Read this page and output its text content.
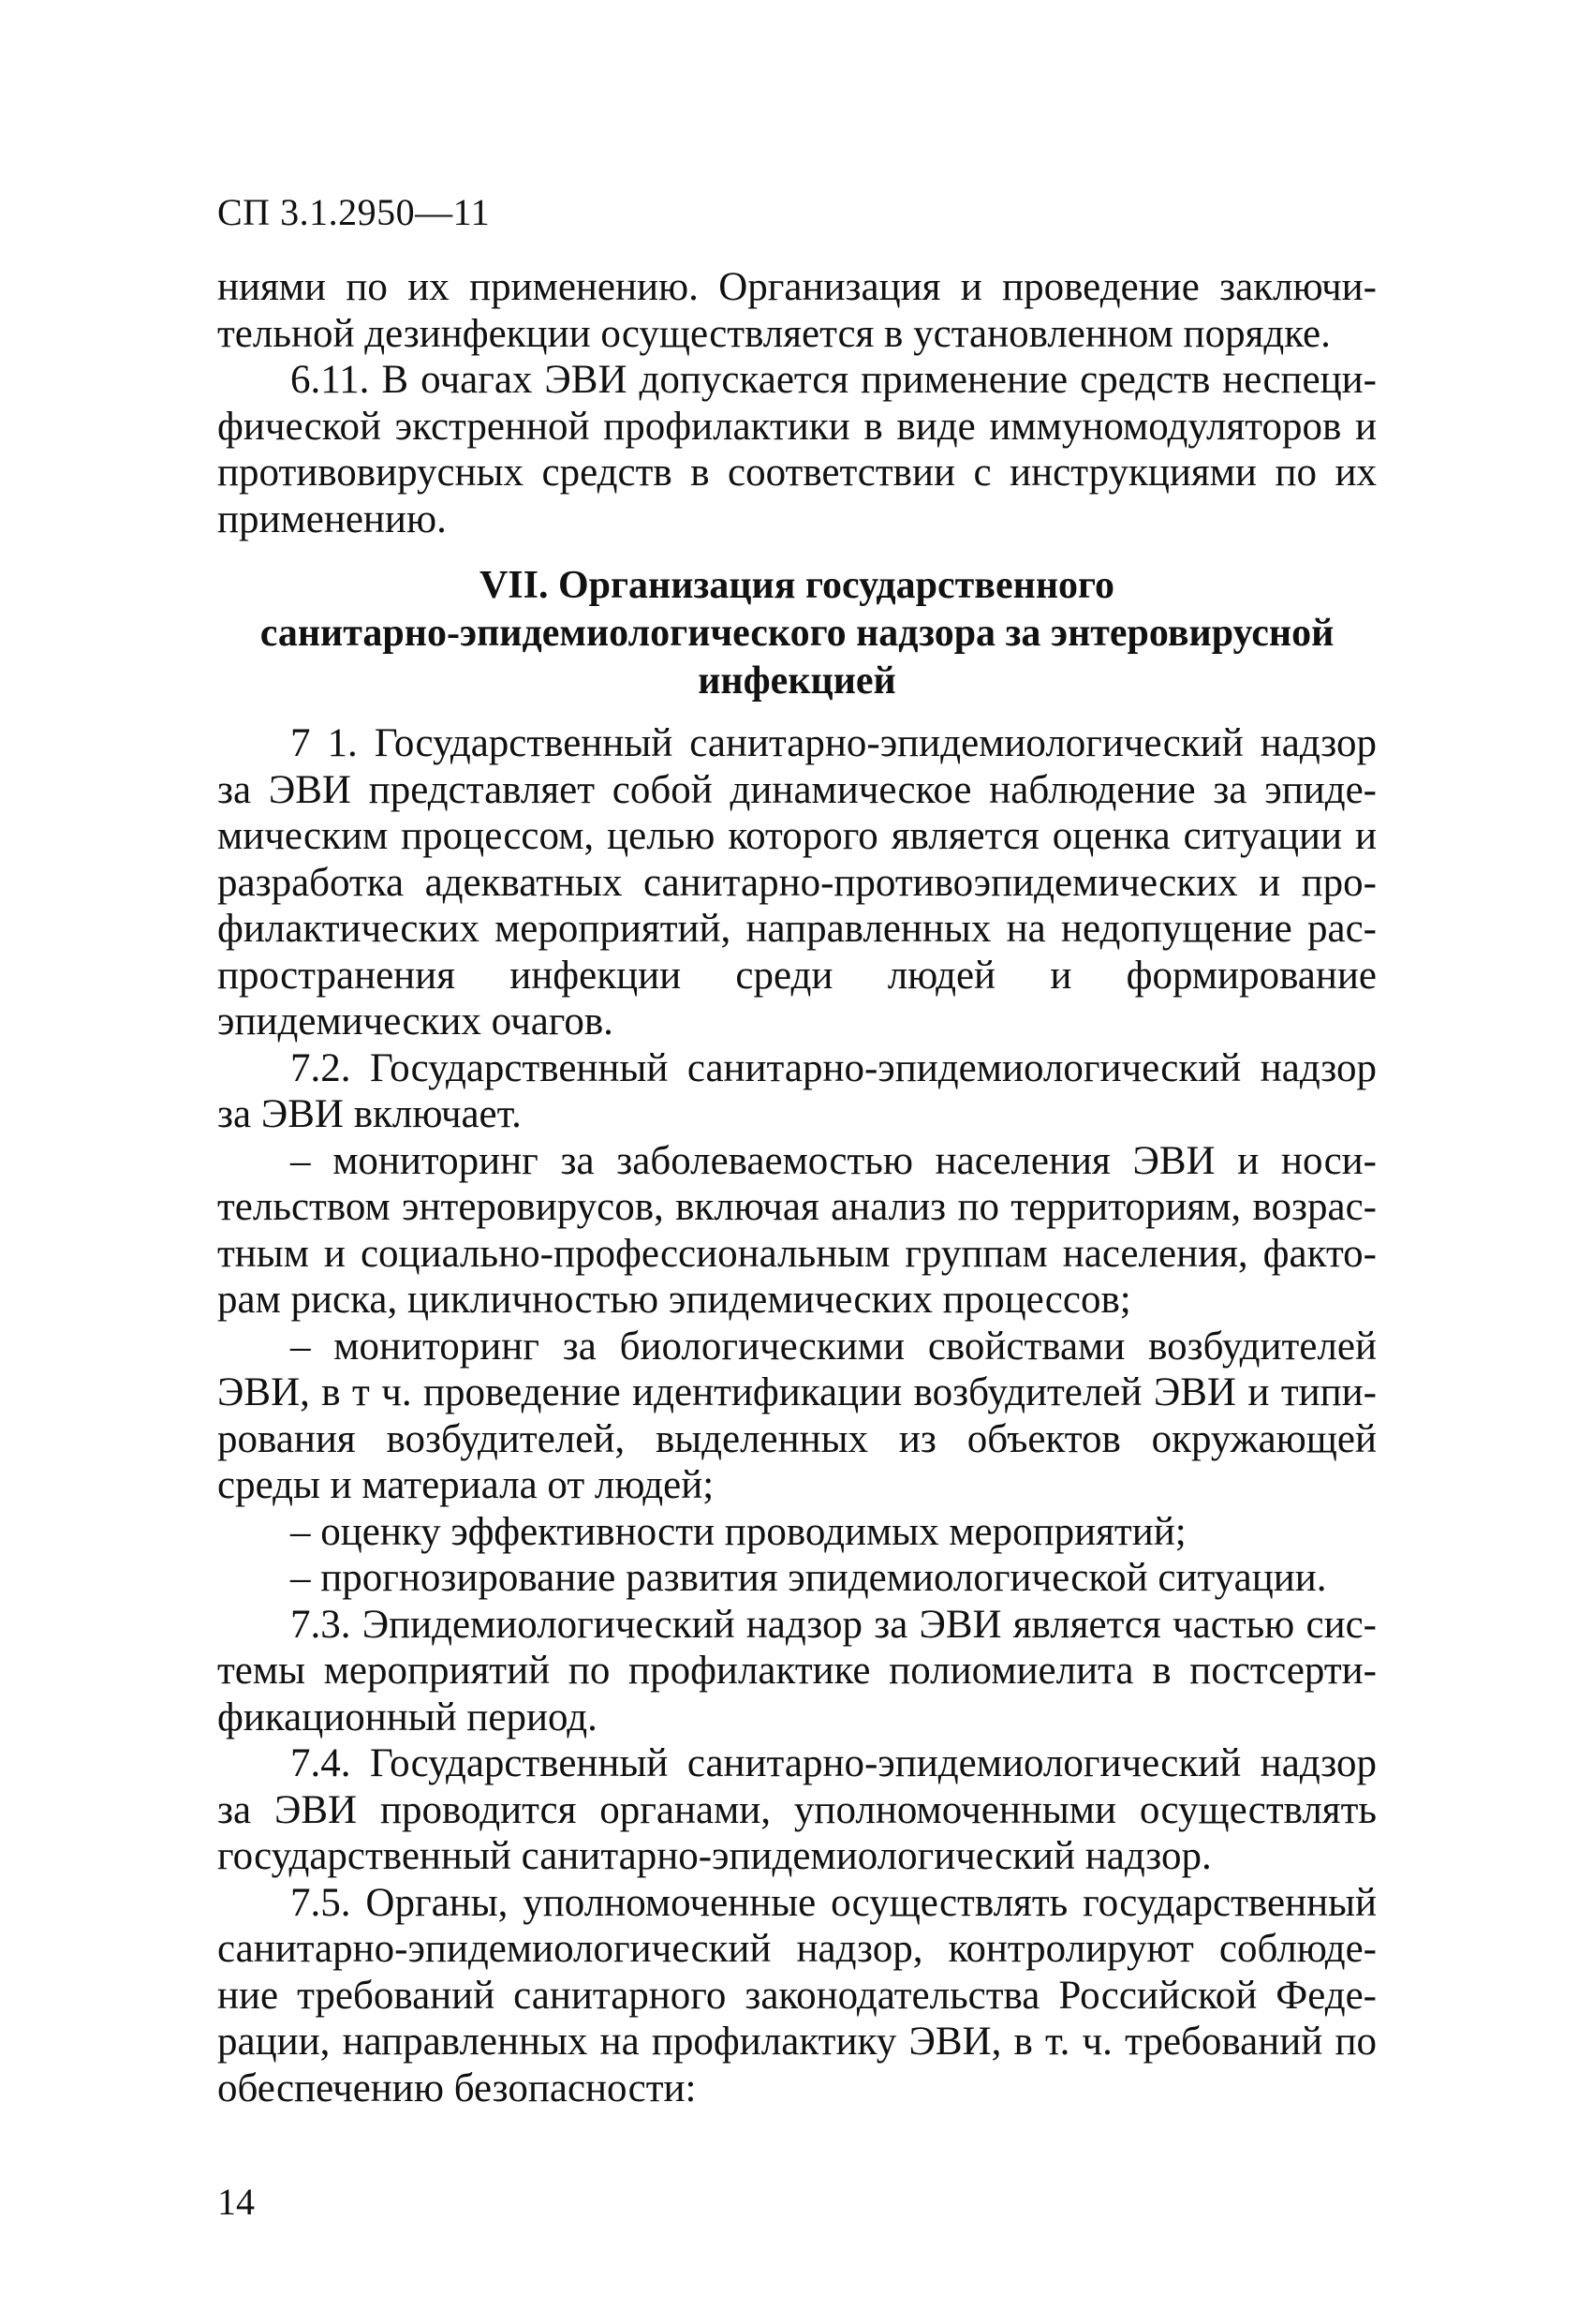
СП 3.1.2950—11
ниями по их применению. Организация и проведение заключи-
тельной дезинфекции осуществляется в установленном порядке.
6.11. В очагах ЭВИ допускается применение средств неспеци-
фической экстренной профилактики в виде иммуномодуляторов и
противовирусных средств в соответствии с инструкциями по их
применению.
VII. Организация государственного
санитарно-эпидемиологического надзора за энтеровирусной
инфекцией
7 1. Государственный санитарно-эпидемиологический надзор
за ЭВИ представляет собой динамическое наблюдение за эпиде-
мическим процессом, целью которого является оценка ситуации и
разработка адекватных санитарно-противоэпидемических и про-
филактических мероприятий, направленных на недопущение рас-
пространения инфекции среди людей и формирование
эпидемических очагов.
7.2. Государственный санитарно-эпидемиологический надзор
за ЭВИ включает.
– мониторинг за заболеваемостью населения ЭВИ и носи-
тельством энтеровирусов, включая анализ по территориям, возрас-
тным и социально-профессиональным группам населения, факто-
рам риска, цикличностью эпидемических процессов;
– мониторинг за биологическими свойствами возбудителей
ЭВИ, в т ч. проведение идентификации возбудителей ЭВИ и типи-
рования возбудителей, выделенных из объектов окружающей
среды и материала от людей;
– оценку эффективности проводимых мероприятий;
– прогнозирование развития эпидемиологической ситуации.
7.3. Эпидемиологический надзор за ЭВИ является частью сис-
темы мероприятий по профилактике полиомиелита в постсерти-
фикационный период.
7.4. Государственный санитарно-эпидемиологический надзор
за ЭВИ проводится органами, уполномоченными осуществлять
государственный санитарно-эпидемиологический надзор.
7.5. Органы, уполномоченные осуществлять государственный
санитарно-эпидемиологический надзор, контролируют соблюде-
ние требований санитарного законодательства Российской Феде-
рации, направленных на профилактику ЭВИ, в т. ч. требований по
обеспечению безопасности:
14
